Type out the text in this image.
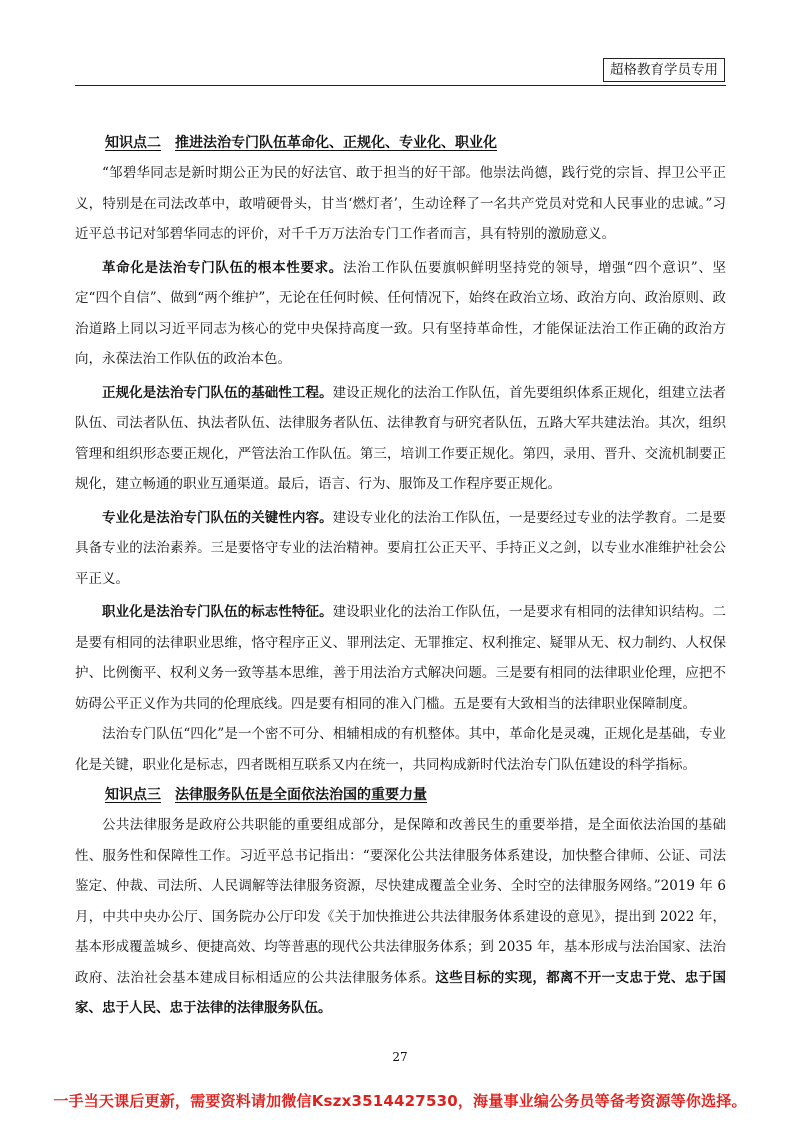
超格教育学员专用
知识点二 推进法治专门队伍革命化、正规化、专业化、职业化

“邹碧华同志是新时期公正为民的好法官、敢于担当的好干部。他崇法尚德，践行党的宗旨、捍卫公平正义，特别是在司法改革中，敢啃硬骨头，甘当‘燃灯者’，生动诠释了一名共产党员对党和人民事业的忠诚。”习近平总书记对邹碧华同志的评价，对千千万万法治专门工作者而言，具有特别的激励意义。

革命化是法治专门队伍的根本性要求。法治工作队伍要旗帜鲜明坚持党的领导，增强“四个意识”、坚定“四个自信”、做到“两个维护”，无论在任何时候、任何情况下，始终在政治立场、政治方向、政治原则、政治道路上同以习近平同志为核心的党中央保持高度一致。只有坚持革命性，才能保证法治工作正确的政治方向，永葆法治工作队伍的政治本色。

正规化是法治专门队伍的基础性工程。建设正规化的法治工作队伍，首先要组织体系正规化，组建立法者队伍、司法者队伍、执法者队伍、法律服务者队伍、法律教育与研究者队伍，五路大军共建法治。其次，组织管理和组织形态要正规化，严管法治工作队伍。第三，培训工作要正规化。第四，录用、晋升、交流机制要正规化，建立畅通的职业互通渠道。最后，语言、行为、服饰及工作程序要正规化。

专业化是法治专门队伍的关键性内容。建设专业化的法治工作队伍，一是要经过专业的法学教育。二是要具备专业的法治素养。三是要恪守专业的法治精神。要肩扛公正天平、手持正义之剑，以专业水准维护社会公平正义。

职业化是法治专门队伍的标志性特征。建设职业化的法治工作队伍，一是要求有相同的法律知识结构。二是要有相同的法律职业思维，恪守程序正义、罪刑法定、无罪推定、权利推定、疑罪从无、权力制约、人权保护、比例衡平、权利义务一致等基本思维，善于用法治方式解决问题。三是要有相同的法律职业伦理，应把不妨碍公平正义作为共同的伦理底线。四是要有相同的准入门槛。五是要有大致相当的法律职业保障制度。

法治专门队伍“四化”是一个密不可分、相辅相成的有机整体。其中，革命化是灵魂，正规化是基础，专业化是关键，职业化是标志，四者既相互联系又内在统一，共同构成新时代法治专门队伍建设的科学指标。

知识点三 法律服务队伍是全面依法治国的重要力量

公共法律服务是政府公共职能的重要组成部分，是保障和改善民生的重要举措，是全面依法治国的基础性、服务性和保障性工作。习近平总书记指出：“要深化公共法律服务体系建设，加快整合律师、公证、司法鉴定、仲裁、司法所、人民调解等法律服务资源，尽快建成覆盖全业务、全时空的法律服务网络。”2019 年 6 月，中共中央办公厅、国务院办公厅印发《关于加快推进公共法律服务体系建设的意见》，提出到 2022 年，基本形成覆盖城乡、便捷高效、均等普惠的现代公共法律服务体系；到 2035 年，基本形成与法治国家、法治政府、法治社会基本建成目标相适应的公共法律服务体系。这些目标的实现，都离不开一支忠于党、忠于国家、忠于人民、忠于法律的法律服务队伍。

27
一手当天课后更新，需要资料请加微信Kszx3514427530，海量事业编公务员等备考资源等你选择。
